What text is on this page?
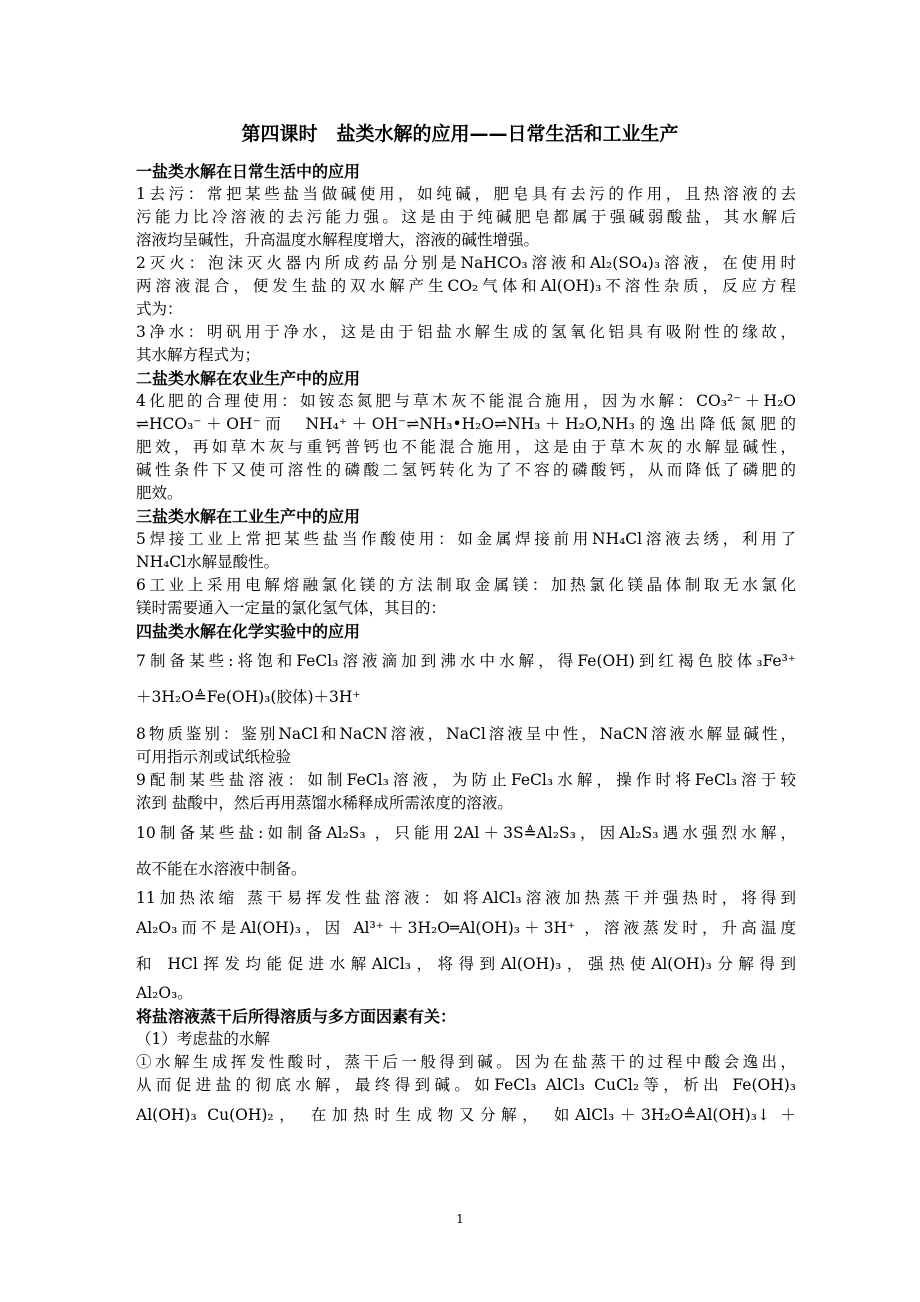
第四课时　盐类水解的应用——日常生活和工业生产
一盐类水解在日常生活中的应用
1去污：常把某些盐当做碱使用，如纯碱，肥皂具有去污的作用，且热溶液的去
污能力比冷溶液的去污能力强。这是由于纯碱肥皂都属于强碱弱酸盐，其水解后
溶液均呈碱性，升高温度水解程度增大，溶液的碱性增强。
2灭火：泡沫灭火器内所成药品分别是NaHCO₃溶液和Al₂(SO₄)₃溶液，在使用时
两溶液混合，便发生盐的双水解产生CO₂气体和Al(OH)₃不溶性杂质，反应方程
式为：
3净水：明矾用于净水，这是由于铝盐水解生成的氢氧化铝具有吸附性的缘故，
其水解方程式为；
二盐类水解在农业生产中的应用
4化肥的合理使用：如铵态氮肥与草木灰不能混合施用，因为水解：CO₃²⁻＋H₂O
⇌HCO₃⁻＋OH⁻而　NH₄⁺＋OH⁻⇌NH₃•H₂O⇌NH₃＋H₂O,NH₃的逸出降低氮肥的
肥效，再如草木灰与重钙普钙也不能混合施用，这是由于草木灰的水解显碱性，
碱性条件下又使可溶性的磷酸二氢钙转化为了不容的磷酸钙，从而降低了磷肥的
肥效。
三盐类水解在工业生产中的应用
5焊接工业上常把某些盐当作酸使用：如金属焊接前用NH₄Cl溶液去绣，利用了
NH₄Cl水解显酸性。
6工业上采用电解熔融氯化镁的方法制取金属镁：加热氯化镁晶体制取无水氯化
镁时需要通入一定量的氯化氢气体，其目的：
四盐类水解在化学实验中的应用
7制备某些:将饱和FeCl₃溶液滴加到沸水中水解，得Fe(OH)到红褐色胶体₃Fe³⁺
＋3H₂O≜Fe(OH)₃(胶体)＋3H⁺
8物质鉴别：鉴别NaCl和NaCN溶液，NaCl溶液呈中性，NaCN溶液水解显碱性，
可用指示剂或试纸检验
9配制某些盐溶液：如制FeCl₃溶液，为防止FeCl₃水解，操作时将FeCl₃溶于较
浓到 盐酸中，然后再用蒸馏水稀释成所需浓度的溶液。
10制备某些盐:如制备Al₂S₃ ，只能用2Al＋3S≜Al₂S₃，因Al₂S₃遇水强烈水解，
故不能在水溶液中制备。
11加热浓缩 蒸干易挥发性盐溶液：如将AlCl₃溶液加热蒸干并强热时，将得到
Al₂O₃而不是Al(OH)₃，因 Al³⁺＋3H₂O═Al(OH)₃＋3H⁺ ，溶液蒸发时，升高温度
和 HCl挥发均能促进水解AlCl₃，将得到Al(OH)₃，强热使Al(OH)₃分解得到
Al₂O₃。
将盐溶液蒸干后所得溶质与多方面因素有关：
（1）考虑盐的水解
①水解生成挥发性酸时，蒸干后一般得到碱。因为在盐蒸干的过程中酸会逸出，
从而促进盐的彻底水解，最终得到碱。如FeCl₃ AlCl₃ CuCl₂等，析出 Fe(OH)₃
Al(OH)₃ Cu(OH)₂， 在加热时生成物又分解， 如AlCl₃＋3H₂O≜Al(OH)₃↓ ＋
1
